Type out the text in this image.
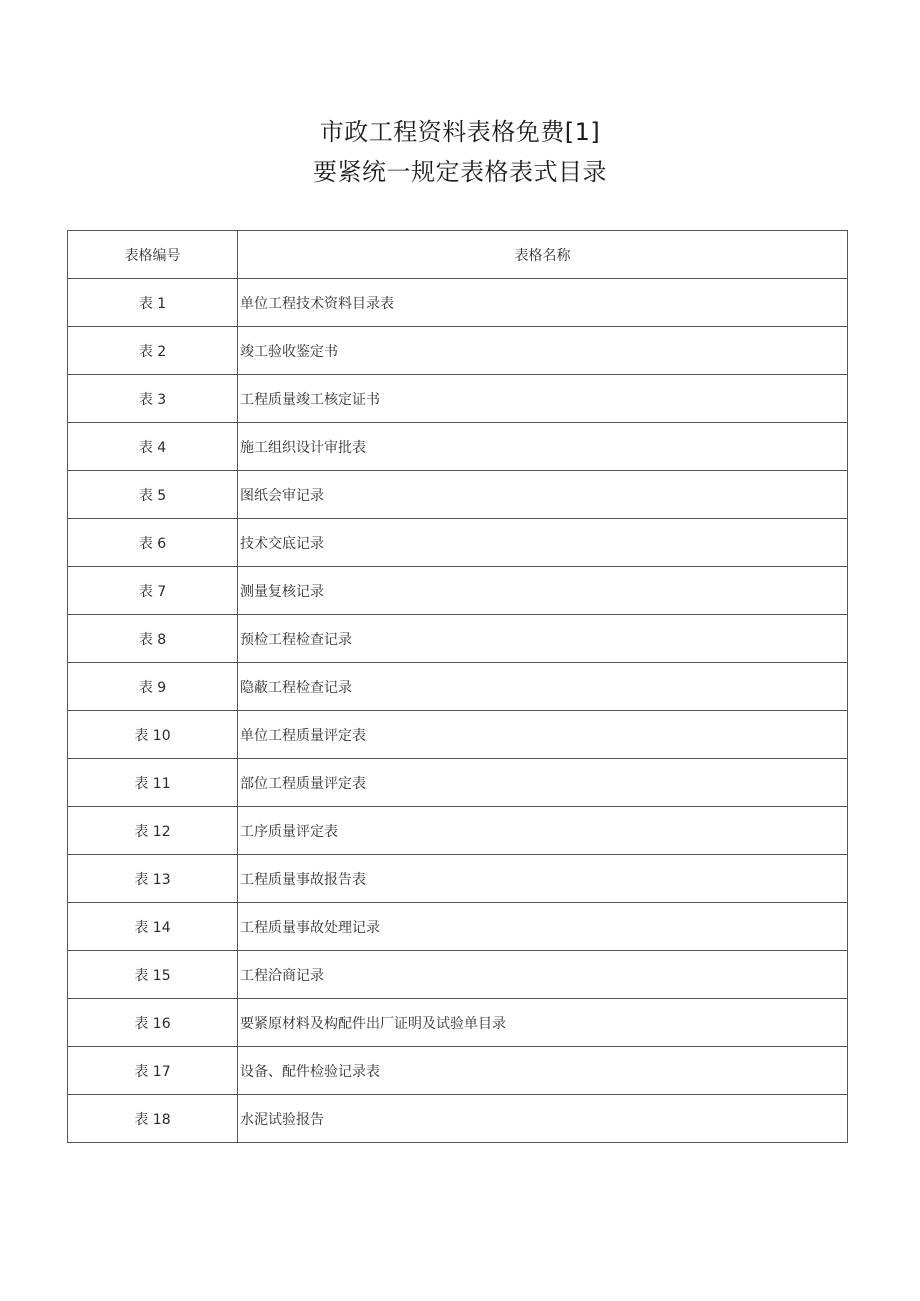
市政工程资料表格免费[1]
要紧统一规定表格表式目录
表格编号	表格名称
表 1	单位工程技术资料目录表
表 2	竣工验收鉴定书
表 3	工程质量竣工核定证书
表 4	施工组织设计审批表
表 5	图纸会审记录
表 6	技术交底记录
表 7	测量复核记录
表 8	预检工程检查记录
表 9	隐蔽工程检查记录
表 10	单位工程质量评定表
表 11	部位工程质量评定表
表 12	工序质量评定表
表 13	工程质量事故报告表
表 14	工程质量事故处理记录
表 15	工程洽商记录
表 16	要紧原材料及构配件出厂证明及试验单目录
表 17	设备、配件检验记录表
表 18	水泥试验报告
